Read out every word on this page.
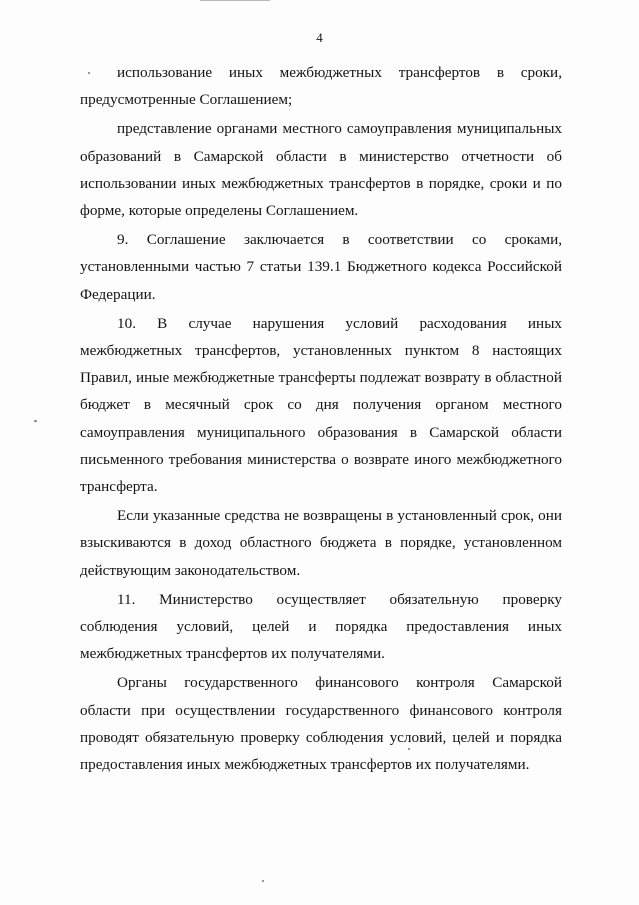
4

использование иных межбюджетных трансфертов в сроки, предусмотренные Соглашением;

представление органами местного самоуправления муниципальных образований в Самарской области в министерство отчетности об использовании иных межбюджетных трансфертов в порядке, сроки и по форме, которые определены Соглашением.

9. Соглашение заключается в соответствии со сроками, установленными частью 7 статьи 139.1 Бюджетного кодекса Российской Федерации.

10. В случае нарушения условий расходования иных межбюджетных трансфертов, установленных пунктом 8 настоящих Правил, иные межбюджетные трансферты подлежат возврату в областной бюджет в месячный срок со дня получения органом местного самоуправления муниципального образования в Самарской области письменного требования министерства о возврате иного межбюджетного трансферта.

Если указанные средства не возвращены в установленный срок, они взыскиваются в доход областного бюджета в порядке, установленном действующим законодательством.

11. Министерство осуществляет обязательную проверку соблюдения условий, целей и порядка предоставления иных межбюджетных трансфертов их получателями.

Органы государственного финансового контроля Самарской области при осуществлении государственного финансового контроля проводят обязательную проверку соблюдения условий, целей и порядка предоставления иных межбюджетных трансфертов их получателями.
